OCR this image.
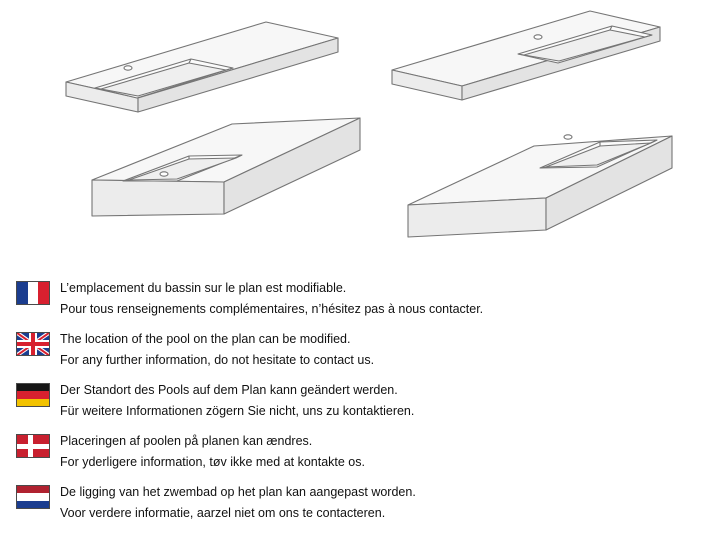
L’emplacement du bassin sur le plan est modifiable.
Pour tous renseignements complémentaires, n’hésitez pas à nous contacter.
The location of the pool on the plan can be modified.
For any further information, do not hesitate to contact us.
Der Standort des Pools auf dem Plan kann geändert werden.
Für weitere Informationen zögern Sie nicht, uns zu kontaktieren.
Placeringen af poolen på planen kan ændres.
For yderligere information, tøv ikke med at kontakte os.
De ligging van het zwembad op het plan kan aangepast worden.
Voor verdere informatie, aarzel niet om ons te contacteren.
